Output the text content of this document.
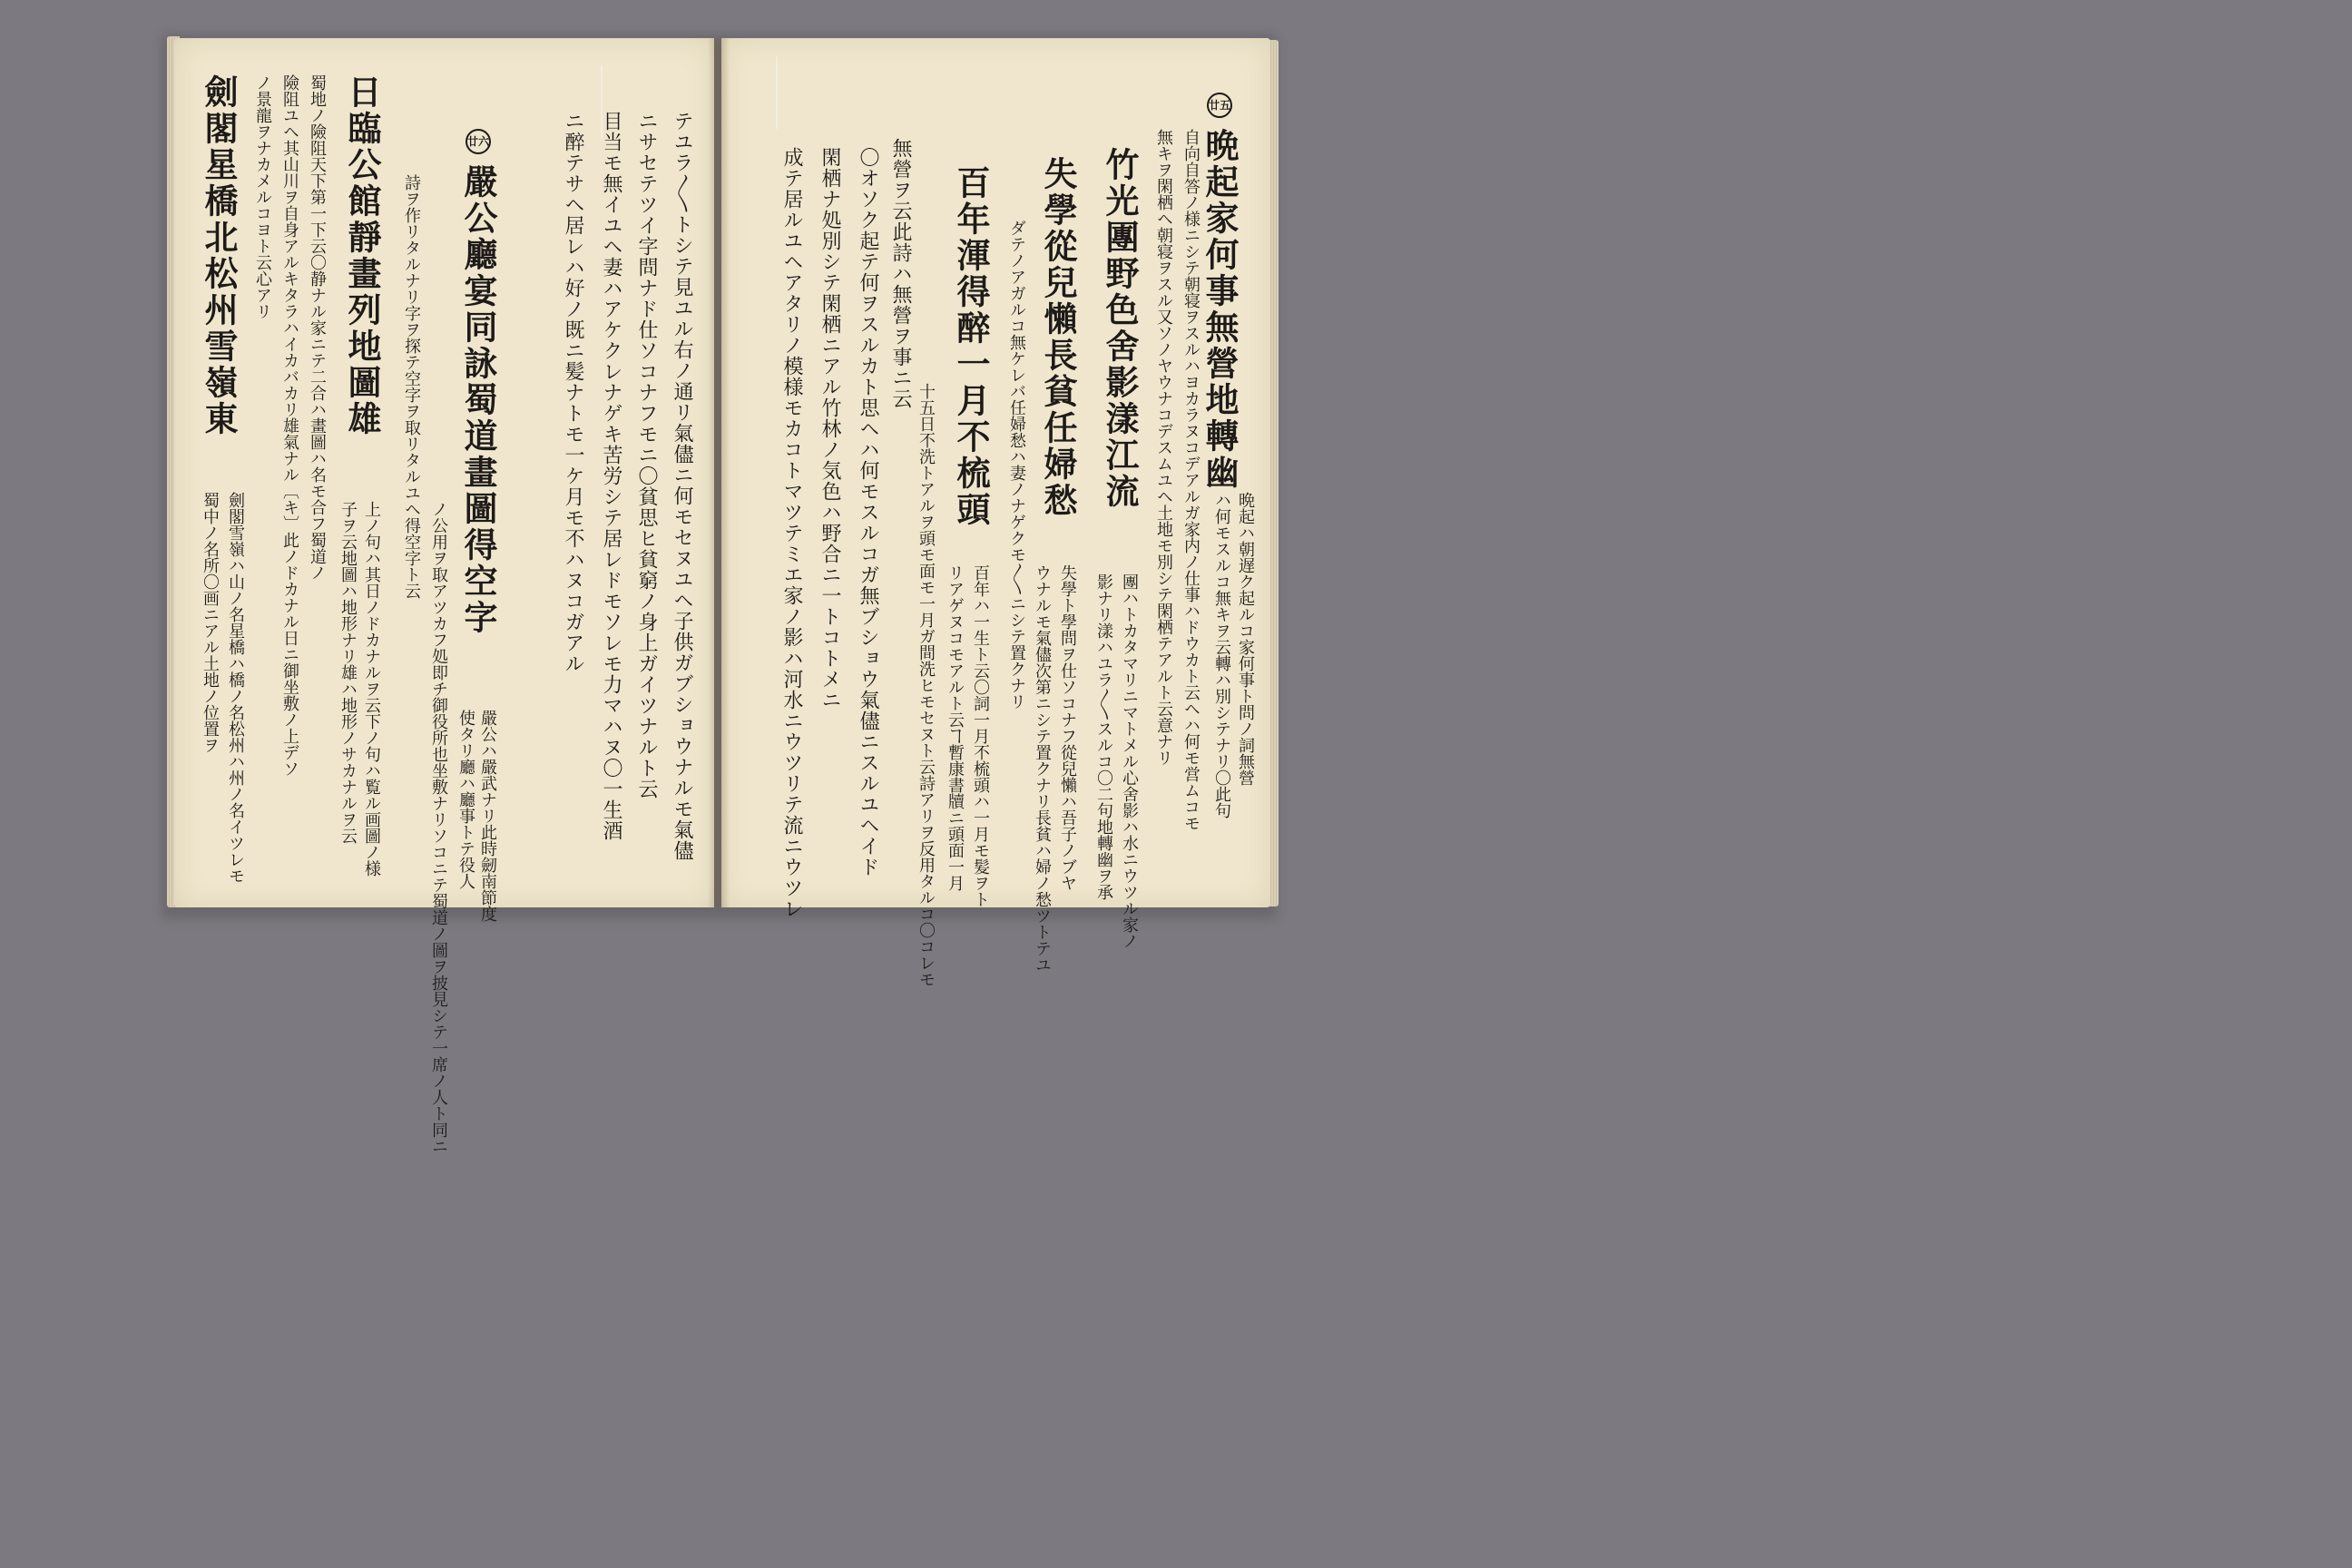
テユラ〳〵トシテ見ユル右ノ通リ氣儘ニ何モセヌユヘ子供ガブショウナルモ氣儘
ニサセテツイ字問ナド仕ソコナフモニ〇貧思ヒ貧窮ノ身上ガイツナルト云
目当モ無イユヘ妻ハアケクレナゲキ苦労シテ居レドモソレモ力マハヌ〇一生酒
ニ醉テサヘ居レハ好ノ既ニ髪ナトモ一ケ月モ不ハヌコガアル
廿六 嚴公廳宴同詠蜀道畫圖得空字
嚴公ハ嚴武ナリ此時劒南節度
使タリ廳ハ廳事トテ役人
ノ公用ヲ取アツカフ処即チ御役所也坐敷ナリソコニテ蜀道ノ圖ヲ披見シテ一席ノ人ト同ニ
詩ヲ作リタルナリ字ヲ探テ空字ヲ取リタルユヘ得空字ト云
日臨公館靜畫列地圖雄
上ノ句ハ其日ノドカナルヲ云下ノ句ハ覧ル画圖ノ様
子ヲ云地圖ハ地形ナリ雄ハ地形ノサカナルヲ云
蜀地ノ險阻天下第一下云〇静ナル家ニテ二合ハ畫圖ハ名モ合フ蜀道ノ
險阻ユヘ其山川ヲ自身アルキタラハイカバカリ雄氣ナル〔キ〕此ノドカナル日ニ御坐敷ノ上デソ
ノ景龍ヲナカメルコヨト云心アリ
劍閣星橋北松州雪嶺東
劍閣雪嶺ハ山ノ名星橋ハ橋ノ名松州ハ州ノ名イツレモ
蜀中ノ名所〇画ニアル土地ノ位置ヲ
廿五 晩起家何事無營地轉幽
晩起ハ朝遅ク起ルコ家何事ト問ノ詞無營
ハ何モスルコ無キヲ云轉ハ別シテナリ〇此句
自向自答ノ様ニシテ朝寝ヲスルハヨカラヌコデアルガ家内ノ仕事ハドウカト云ヘハ何モ営ムコモ
無キヲ閑栖ヘ朝寝ヲスル又ソノヤウナコデスムユヘ土地モ別シテ閑栖テアルト云意ナリ
竹光團野色舍影漾江流
團ハトカタマリニマトメル心舍影ハ水ニウツル家ノ
影ナリ漾ハユラ〳〵スルコ〇二句地轉幽ヲ承
失學從兒懶長貧任婦愁
失學ト學問ヲ仕ソコナフ從兒懶ハ吾子ノブヤ
ウナルモ氣儘次第ニシテ置クナリ長貧ハ婦ノ愁ツトテユ
ダテノアガルコ無ケレバ任婦愁ハ妻ノナゲクモ〳〵ニシテ置クナリ
百年渾得醉一月不梳頭
百年ハ一生ト云〇詞一月不梳頭ハ一月モ髪ヲト
リアゲヌコモアルト云ヿ暫康書牘ニ頭面一月
十五日不洗トアルヲ頭モ面モ一月ガ間洗ヒモセヌト云詩アリヲ反用タルコ〇コレモ
〇オソク起テ何ヲスルカト思ヘハ何モスルコガ無ブショウ氣儘ニスルユヘイド
閑栖ナ処別シテ閑栖ニアル竹林ノ気色ハ野合ニ一トコトメニ
成テ居ルユヘアタリノ模様モカコトマツテミエ家ノ影ハ河水ニウツリテ流ニウツレ	無營ヲ云此詩ハ無營ヲ事ニ云
